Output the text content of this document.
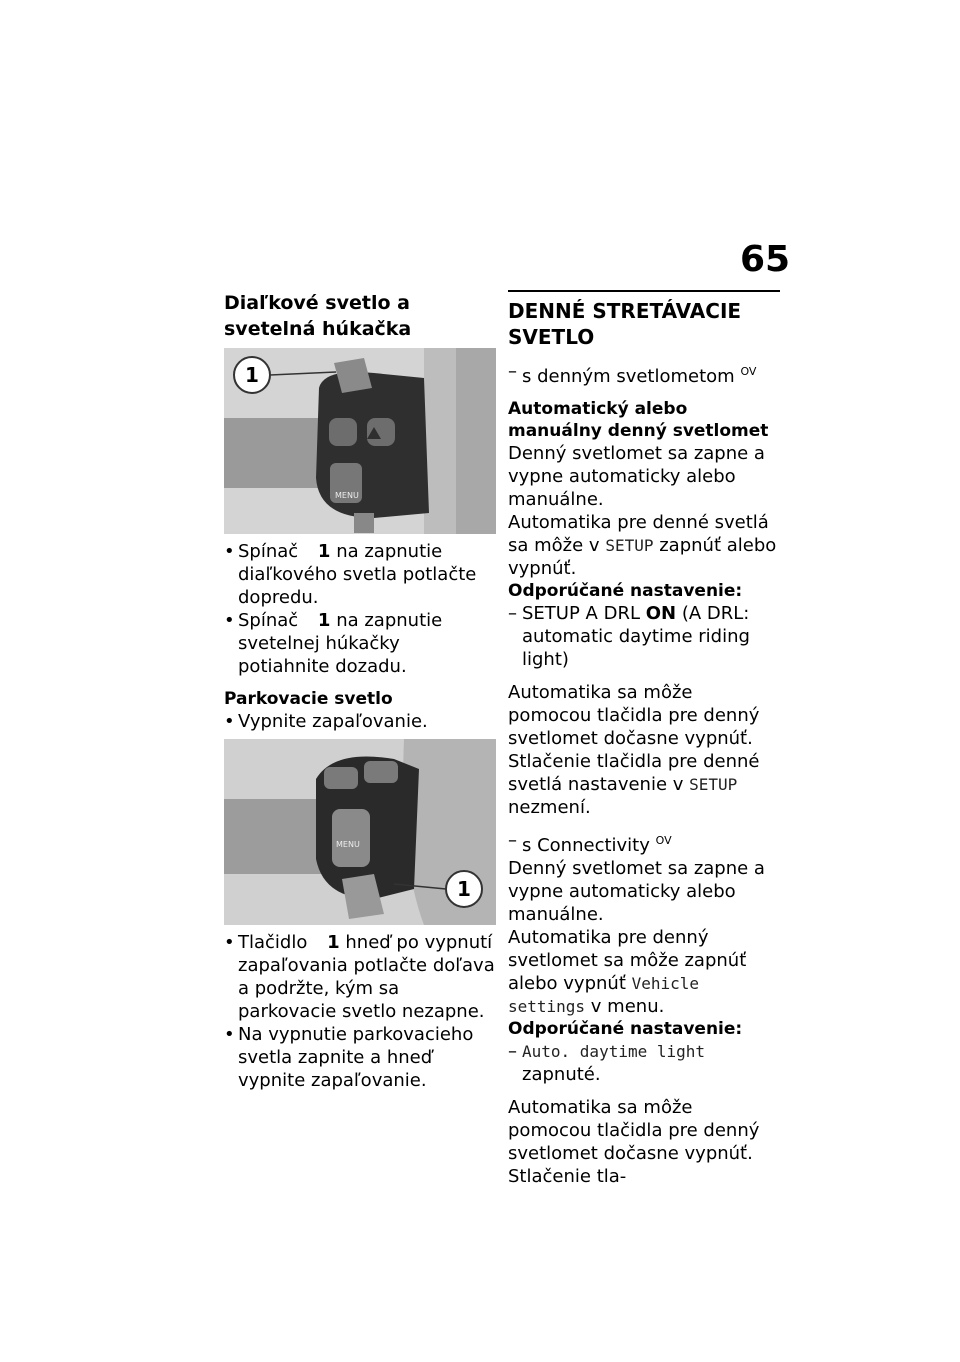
65
Diaľkové svetlo a svetelná húkačka
MENU
1
• Spínač 1 na zapnutie diaľkového svetla potlačte dopredu.
• Spínač 1 na zapnutie svetelnej húkačky potiahnite dozadu.
Parkovacie svetlo
• Vypnite zapaľovanie.
MENU
1
• Tlačidlo 1 hneď po vypnutí zapaľovania potlačte doľava a podržte, kým sa parkovacie svetlo nezapne.
• Na vypnutie parkovacieho svetla zapnite a hneď vypnite zapaľovanie.
DENNÉ STRETÁVACIE SVETLO
– s denným svetlometom $^{OV}$
Automatický alebo manuálny denný svetlomet

Denný svetlomet sa zapne a vypne automaticky alebo manuálne.

Automatika pre denné svetlá sa môže v SETUP zapnúť alebo vypnúť.

Odporúčané nastavenie:
– SETUP A DRL ON (A DRL: automatic daytime riding light)

Automatika sa môže pomocou tlačidla pre denný svetlomet dočasne vypnúť. Stlačenie tlačidla pre denné svetlá nastavenie v SETUP nezmení.

– s Connectivity $^{OV}$

Denný svetlomet sa zapne a vypne automaticky alebo manuálne.

Automatika pre denný svetlomet sa môže zapnúť alebo vypnúť Vehicle settings v menu.

Odporúčané nastavenie:
– Auto. daytime light zapnuté.

Automatika sa môže pomocou tlačidla pre denný svetlomet dočasne vypnúť. Stlačenie tla-
